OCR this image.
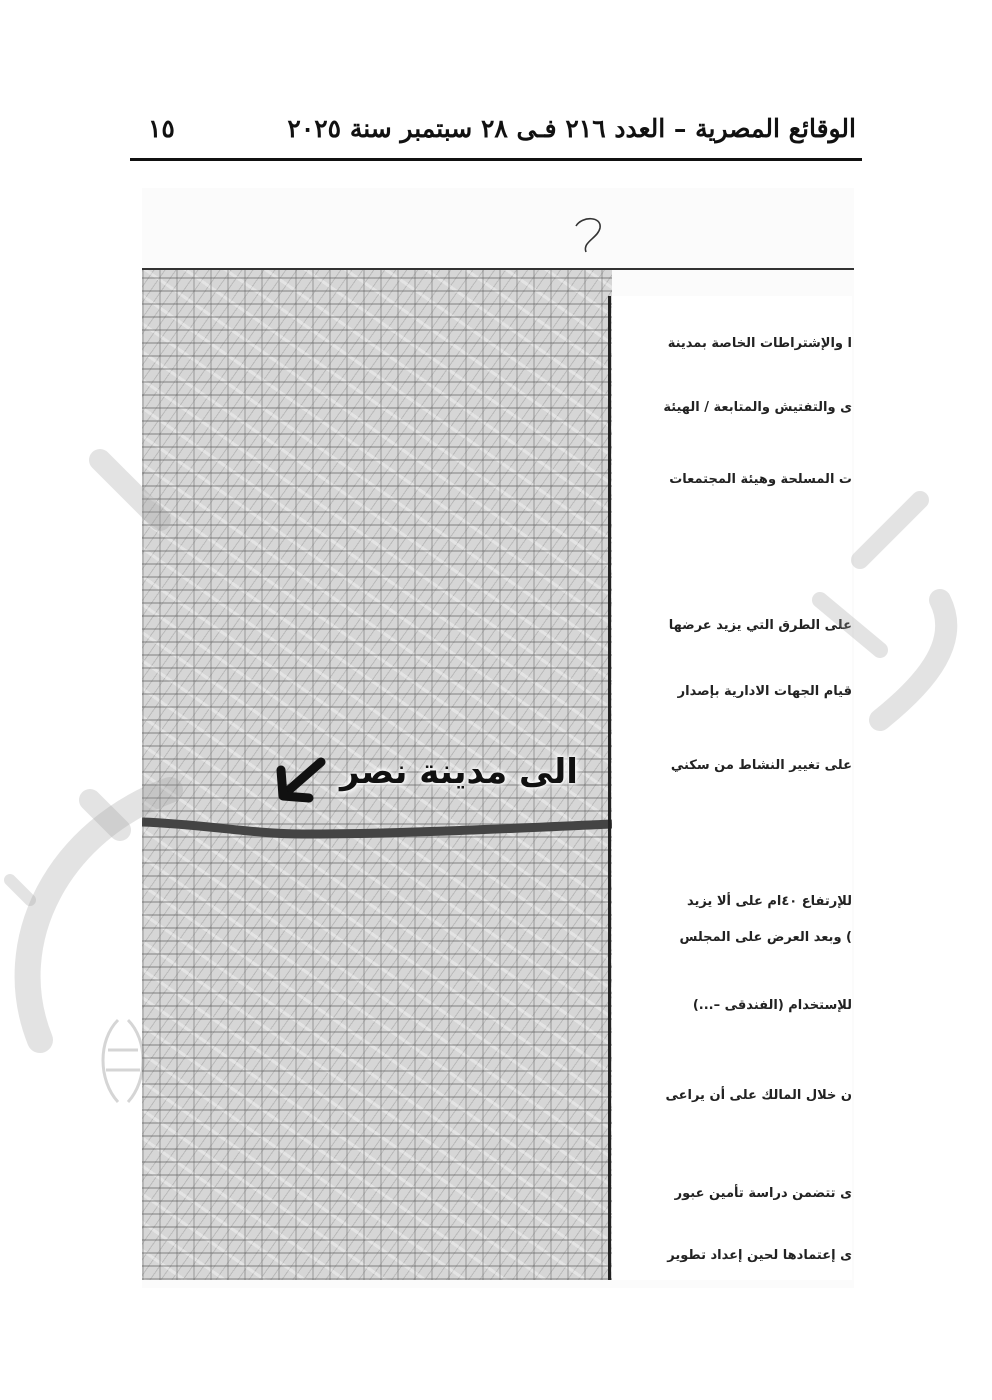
الوقائع المصرية – العدد ٢١٦ فـى ٢٨ سبتمبر سنة ٢٠٢٥
١٥
الى مدينة نصر
ا والإشتراطات الخاصة بمدينة
ى والتفتيش والمتابعة / الهيئة
ت المسلحة وهيئة المجتمعات
على الطرق التي يزيد عرضها
قيام الجهات الادارية بإصدار
على تغيير النشاط من سكني
للإرتفاع ٤٠ام على ألا يزيد
) وبعد العرض على المجلس
للإستخدام (الفندقى –...)
ن خلال المالك على أن يراعى
ى تتضمن دراسة تأمين عبور
ى إعتمادها لحين إعداد تطوير
